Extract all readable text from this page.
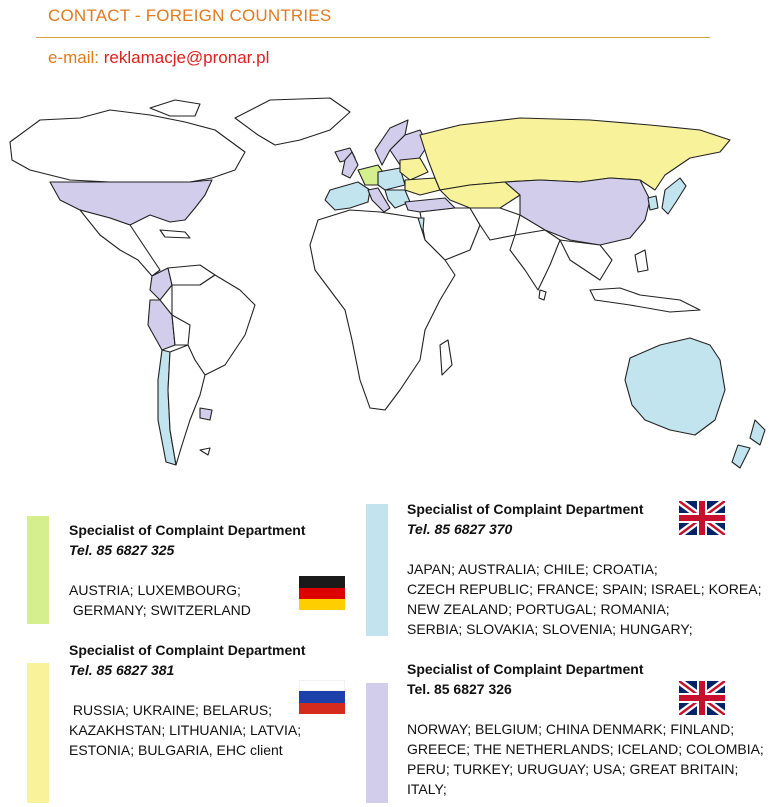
CONTACT - FOREIGN COUNTRIES
e-mail: reklamacje@pronar.pl
Specialist of Complaint Department
Tel. 85 6827 325
AUSTRIA; LUXEMBOURG;
GERMANY; SWITZERLAND
Specialist of Complaint Department
Tel. 85 6827 381
RUSSIA; UKRAINE; BELARUS;
KAZAKHSTAN; LITHUANIA; LATVIA;
ESTONIA; BULGARIA, EHC client
Specialist of Complaint Department
Tel. 85 6827 370
JAPAN; AUSTRALIA; CHILE; CROATIA;
CZECH REPUBLIC; FRANCE; SPAIN; ISRAEL; KOREA;
NEW ZEALAND; PORTUGAL; ROMANIA;
SERBIA; SLOVAKIA; SLOVENIA; HUNGARY;
Specialist of Complaint Department
Tel. 85 6827 326
NORWAY; BELGIUM; CHINA DENMARK; FINLAND;
GREECE; THE NETHERLANDS; ICELAND; COLOMBIA;
PERU; TURKEY; URUGUAY; USA; GREAT BRITAIN; ITALY;
